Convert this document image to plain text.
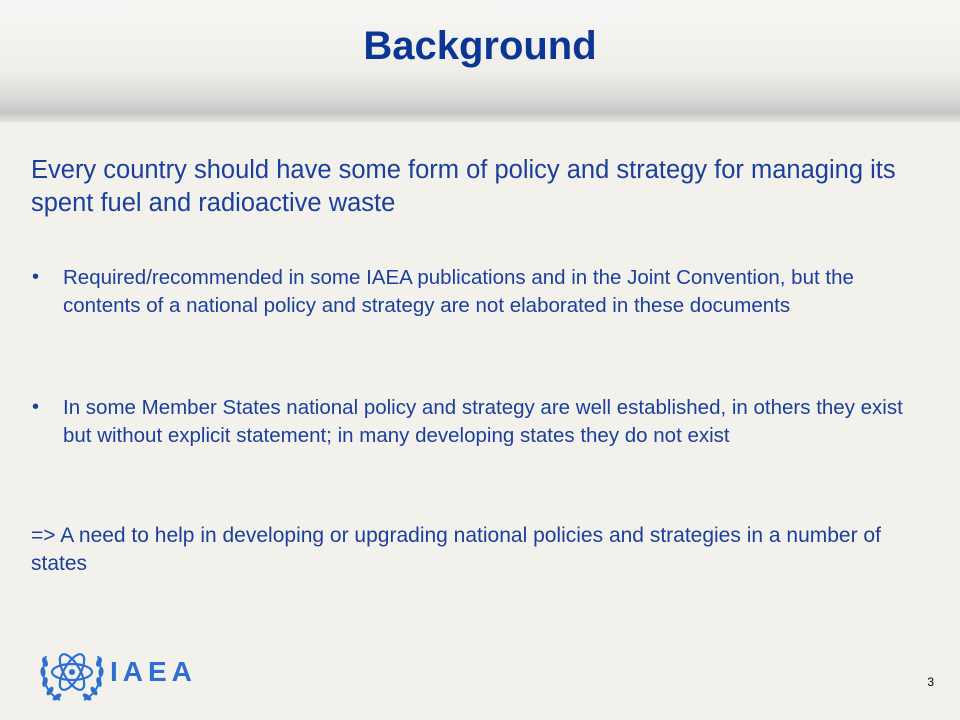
Background

Every country should have some form of policy and strategy for managing its spent fuel and radioactive waste

• Required/recommended in some IAEA publications and in the Joint Convention, but the contents of a national policy and strategy are not elaborated in these documents
• In some Member States national policy and strategy are well established, in others they exist but without explicit statement; in many developing states they do not exist

=> A need to help in developing or upgrading national policies and strategies in a number of states

IAEA	3
